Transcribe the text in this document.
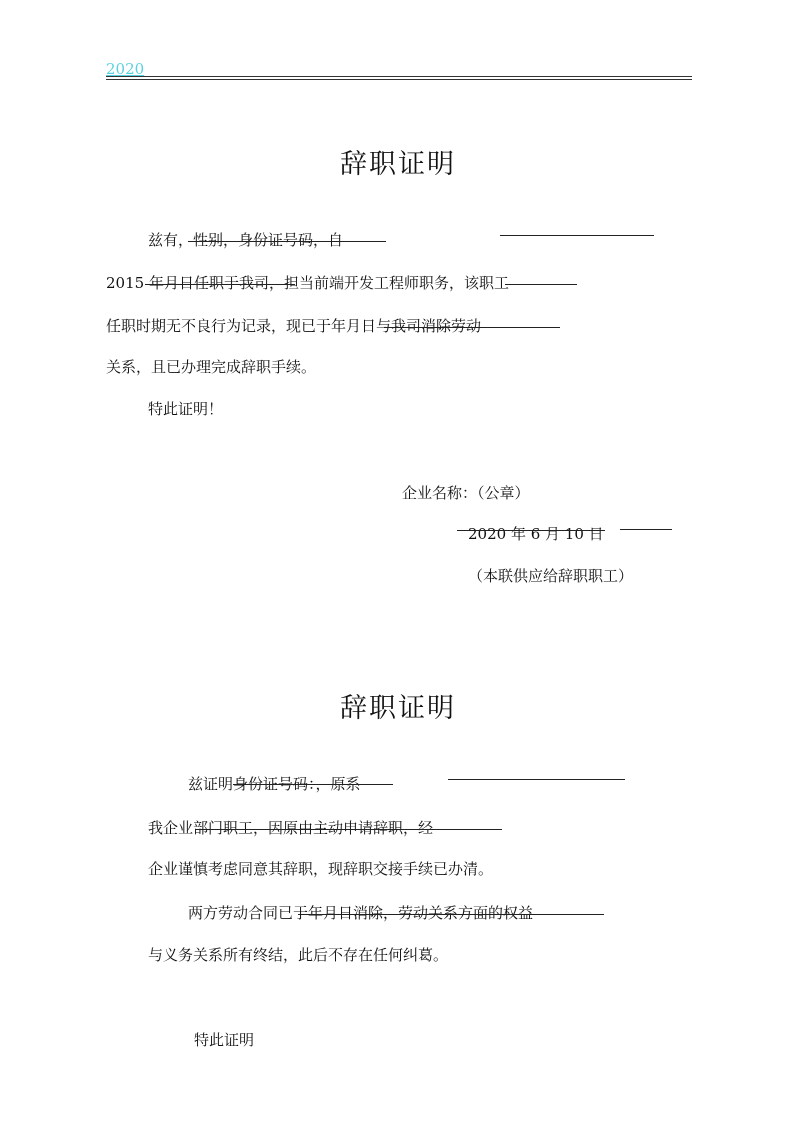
2020
辞职证明
兹有，性别，身份证号码，自
2015 年月日任职于我司，担当前端开发工程师职务，该职工
任职时期无不良行为记录，现已于年月日与我司消除劳动
关系，且已办理完成辞职手续。
特此证明！
企业名称：（公章）
2020 年 6 月 10 日
（本联供应给辞职职工）
辞职证明
兹证明身份证号码：，原系
我企业部门职工，因原由主动申请辞职，经
企业谨慎考虑同意其辞职，现辞职交接手续已办清。
两方劳动合同已于年月日消除，劳动关系方面的权益
与义务关系所有终结，此后不存在任何纠葛。
特此证明
